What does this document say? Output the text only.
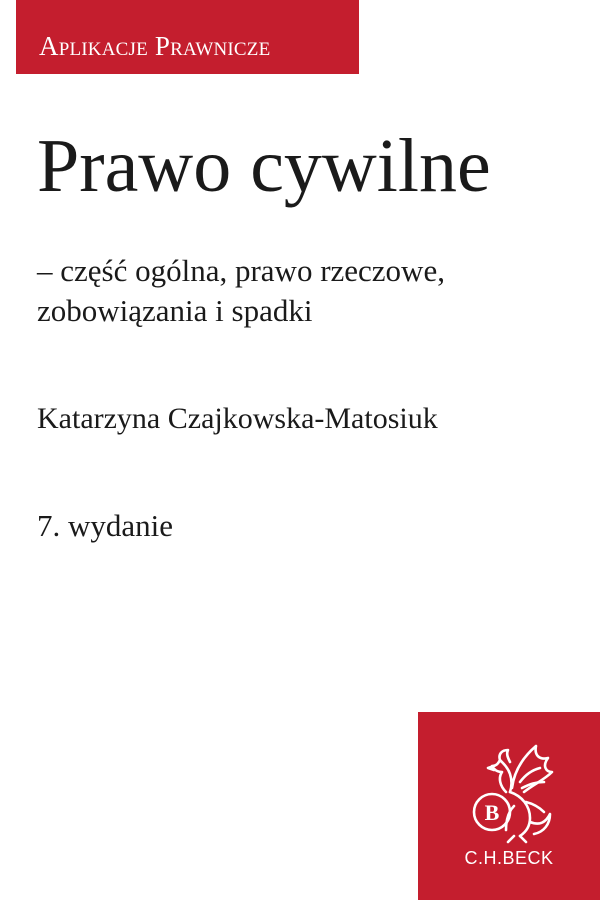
Aplikacje Prawnicze
Prawo cywilne
– część ogólna, prawo rzeczowe,
zobowiązania i spadki
Katarzyna Czajkowska-Matosiuk
7. wydanie
B
C.H.BECK
